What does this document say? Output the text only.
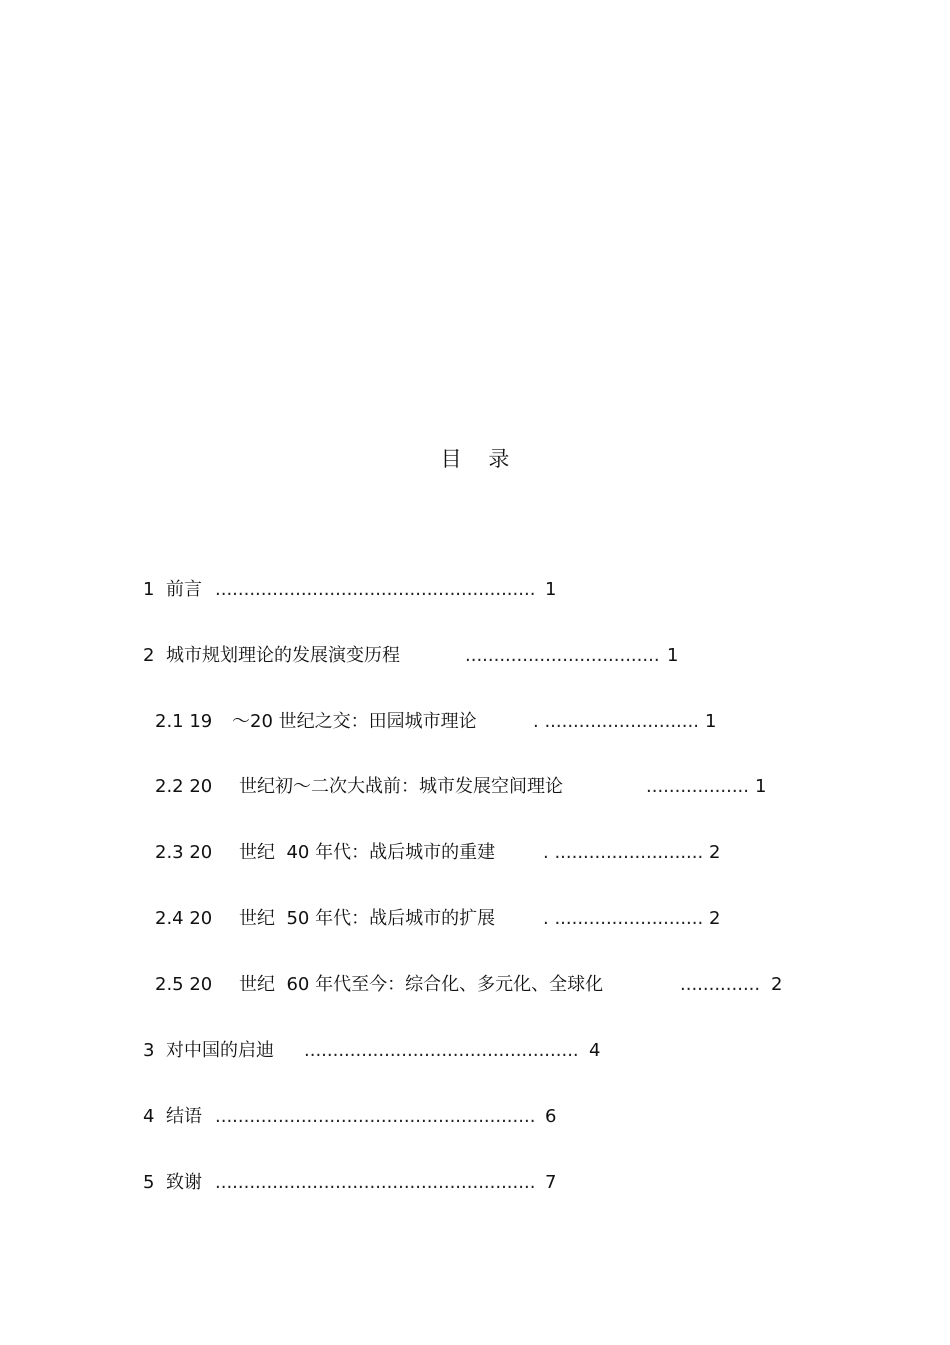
目    录
1 前言 ........................................................ 1
2 城市规划理论的发展演变历程	.................................. 1
2.1 19 ～20 世纪之交：田园城市理论	. ........................... 1
2.2 20 世纪初～二次大战前：城市发展空间理论	.................. 1
2.3 20 世纪  40 年代：战后城市的重建	. .......................... 2
2.4 20 世纪  50 年代：战后城市的扩展	. .......................... 2
2.5 20 世纪  60 年代至今：综合化、多元化、全球化	.............. 2
3 对中国的启迪 ................................................ 4
4 结语 ........................................................ 6
5 致谢 ........................................................ 7
